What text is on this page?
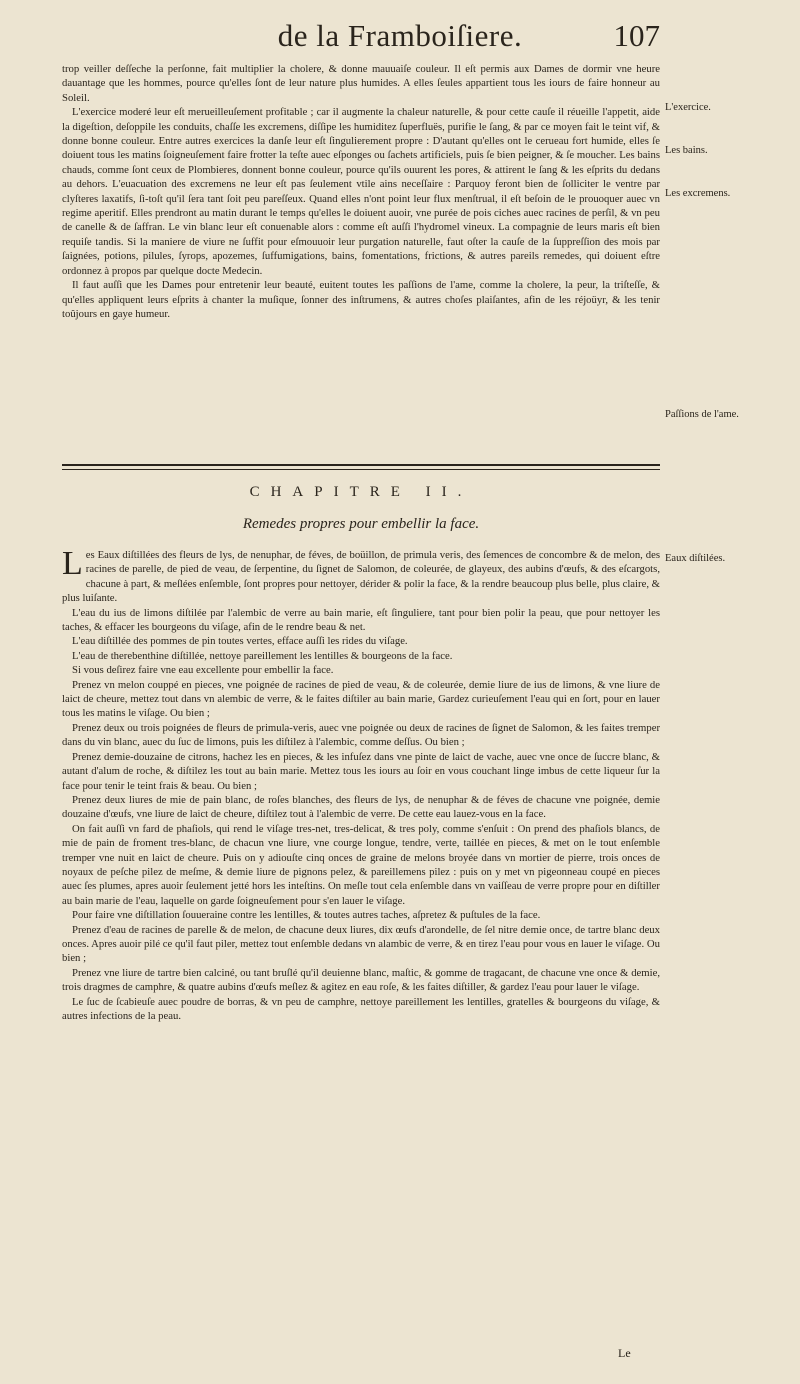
de la Framboiſiere.	107

trop veiller deſſeche la perſonne, fait multiplier la cholere, & donne mauuaiſe couleur. Il eſt permis aux Dames de dormir vne heure dauantage que les hommes, pource qu'elles ſont de leur nature plus humides. A elles ſeules appartient tous les iours de faire honneur au Soleil.

L'exercice moderé leur eſt merueilleuſement profitable ; car il augmente la chaleur naturelle, & pour cette cauſe il réueille l'appetit, aide la digeſtion, deſoppile les conduits, chaſſe les excremens, diſſipe les humiditez ſuperfluës, purifie le ſang, & par ce moyen fait le teint vif, & donne bonne couleur. Entre autres exercices la danſe leur eſt ſingulierement propre : D'autant qu'elles ont le cerueau fort humide, elles ſe doiuent tous les matins ſoigneuſement faire frotter la teſte auec eſponges ou ſachets artificiels, puis ſe bien peigner, & ſe moucher. Les bains chauds, comme ſont ceux de Plombieres, donnent bonne couleur, pource qu'ils ouurent les pores, & attirent le ſang & les eſprits du dedans au dehors. L'euacuation des excremens ne leur eſt pas ſeulement vtile ains neceſſaire : Parquoy feront bien de ſolliciter le ventre par clyſteres laxatifs, ſi-toſt qu'il ſera tant ſoit peu pareſſeux. Quand elles n'ont point leur flux menſtrual, il eſt beſoin de le prouoquer auec vn regime aperitif. Elles prendront au matin durant le temps qu'elles le doiuent auoir, vne purée de pois ciches auec racines de perſil, & vn peu de canelle & de ſaffran. Le vin blanc leur eſt conuenable alors : comme eſt auſſi l'hydromel vineux. La compagnie de leurs maris eſt bien requiſe tandis. Si la maniere de viure ne ſuffit pour eſmouuoir leur purgation naturelle, faut oſter la cauſe de la ſuppreſſion des mois par ſaignées, potions, pilules, ſyrops, apozemes, ſuffumigations, bains, fomentations, frictions, & autres pareils remedes, qui doiuent eſtre ordonnez à propos par quelque docte Medecin.

Il faut auſſi que les Dames pour entretenir leur beauté, euitent toutes les paſſions de l'ame, comme la cholere, la peur, la triſteſſe, & qu'elles appliquent leurs eſprits à chanter la muſique, ſonner des inſtrumens, & autres choſes plaiſantes, afin de les réjoüyr, & les tenir toûjours en gaye humeur.

L'exercice.
Les bains.
Les excremens.
Paſſions de l'ame.
CHAPITRE II.
Remedes propres pour embellir la face.
Eaux diſtilées.

Les Eaux diſtillées des fleurs de lys, de nenuphar, de féves, de boüillon, de primula veris, des ſemences de concombre & de melon, des racines de parelle, de pied de veau, de ſerpentine, du ſignet de Salomon, de coleurée, de glayeux, des aubins d'œufs, & des eſcargots, chacune à part, & meſlées enſemble, ſont propres pour nettoyer, dérider & polir la face, & la rendre beaucoup plus belle, plus claire, & plus luiſante.

L'eau du ius de limons diſtilée par l'alembic de verre au bain marie, eſt ſinguliere, tant pour bien polir la peau, que pour nettoyer les taches, & effacer les bourgeons du viſage, afin de le rendre beau & net.

L'eau diſtillée des pommes de pin toutes vertes, efface auſſi les rides du viſage.

L'eau de therebenthine diſtillée, nettoye pareillement les lentilles & bourgeons de la face.

Si vous deſirez faire vne eau excellente pour embellir la face.

Prenez vn melon couppé en pieces, vne poignée de racines de pied de veau, & de coleurée, demie liure de ius de limons, & vne liure de laict de cheure, mettez tout dans vn alembic de verre, & le faites diſtiler au bain marie, Gardez curieuſement l'eau qui en ſort, pour en lauer tous les matins le viſage. Ou bien ;

Prenez deux ou trois poignées de fleurs de primula-veris, auec vne poignée ou deux de racines de ſignet de Salomon, & les faites tremper dans du vin blanc, auec du ſuc de limons, puis les diſtilez à l'alembic, comme deſſus. Ou bien ;

Prenez demie-douzaine de citrons, hachez les en pieces, & les infuſez dans vne pinte de laict de vache, auec vne once de ſuccre blanc, & autant d'alum de roche, & diſtilez les tout au bain marie. Mettez tous les iours au ſoir en vous couchant linge imbus de cette liqueur ſur la face pour tenir le teint frais & beau. Ou bien ;

Prenez deux liures de mie de pain blanc, de roſes blanches, des fleurs de lys, de nenuphar & de féves de chacune vne poignée, demie douzaine d'œufs, vne liure de laict de cheure, diſtilez tout à l'alembic de verre. De cette eau lauez-vous en la face.

On fait auſſi vn fard de phaſiols, qui rend le viſage tres-net, tres-delicat, & tres poly, comme s'enſuit : On prend des phaſiols blancs, de mie de pain de froment tres-blanc, de chacun vne liure, vne courge longue, tendre, verte, taillée en pieces, & met on le tout enſemble tremper vne nuit en laict de cheure. Puis on y adiouſte cinq onces de graine de melons broyée dans vn mortier de pierre, trois onces de noyaux de peſche pilez de meſme, & demie liure de pignons pelez, & pareillemens pilez : puis on y met vn pigeonneau coupé en pieces auec ſes plumes, apres auoir ſeulement jetté hors les inteſtins. On meſle tout cela enſemble dans vn vaiſſeau de verre propre pour en diſtiller au bain marie de l'eau, laquelle on garde ſoigneuſement pour s'en lauer le viſage.

Pour faire vne diſtillation ſouueraine contre les lentilles, & toutes autres taches, aſpretez & puſtules de la face.

Prenez d'eau de racines de parelle & de melon, de chacune deux liures, dix œufs d'arondelle, de ſel nitre demie once, de tartre blanc deux onces. Apres auoir pilé ce qu'il faut piler, mettez tout enſemble dedans vn alambic de verre, & en tirez l'eau pour vous en lauer le viſage. Ou bien ;

Prenez vne liure de tartre bien calciné, ou tant bruſlé qu'il deuienne blanc, maſtic, & gomme de tragacant, de chacune vne once & demie, trois dragmes de camphre, & quatre aubins d'œufs meſlez & agitez en eau roſe, & les faites diſtiller, & gardez l'eau pour lauer le viſage.

Le ſuc de ſcabieuſe auec poudre de borras, & vn peu de camphre, nettoye pareillement les lentilles, gratelles & bourgeons du viſage, & autres infections de la peau.

Le
